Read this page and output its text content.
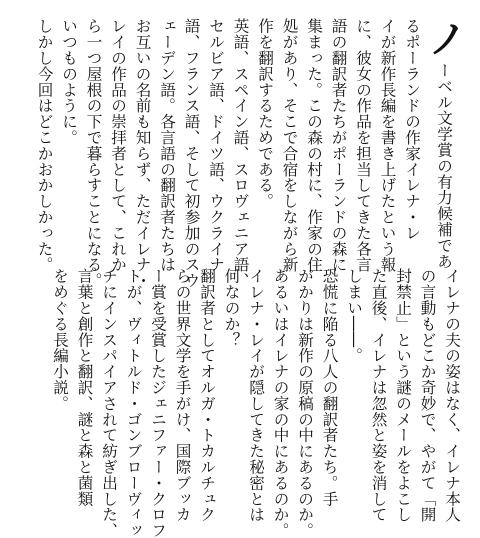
ノーベル文学賞の有力候補であ
るポーランドの作家イレナ・レ
イが新作長編を書き上げたという報
に、彼女の作品を担当してきた各言
語の翻訳者たちがポーランドの森に
集まった。この森の村に、作家の住
処があり、そこで合宿をしながら新
作を翻訳するためである。
英語、スペイン語、スロヴェニア語、
セルビア語、ドイツ語、ウクライナ
語、フランス語、そして初参加のスウ
ェーデン語。各言語の翻訳者たちは
お互いの名前も知らず、ただイレナ・
レイの作品の崇拝者として、これか
ら一つ屋根の下で暮らすことになる。
いつものように。
しかし今回はどこかおかしかった。
イレナの夫の姿はなく、イレナ本人
の言動もどこか奇妙で、やがて「開
封禁止」という謎のメールをよこし
た直後、イレナは忽然と姿を消して
しまい――。
恐慌に陥る八人の翻訳者たち。手
がかりは新作の原稿の中にあるのか。
あるいはイレナの家の中にあるのか。
イレナ・レイが隠してきた秘密とは
何なのか？
翻訳者としてオルガ・トカルチュク
らの世界文学を手がけ、国際ブッカ
ー賞を受賞したジェニファー・クロフ
トが、ヴィトルド・ゴンブローヴィッ
チにインスパイアされて紡ぎ出した、
言葉と創作と翻訳、謎と森と菌類
をめぐる長編小説。
